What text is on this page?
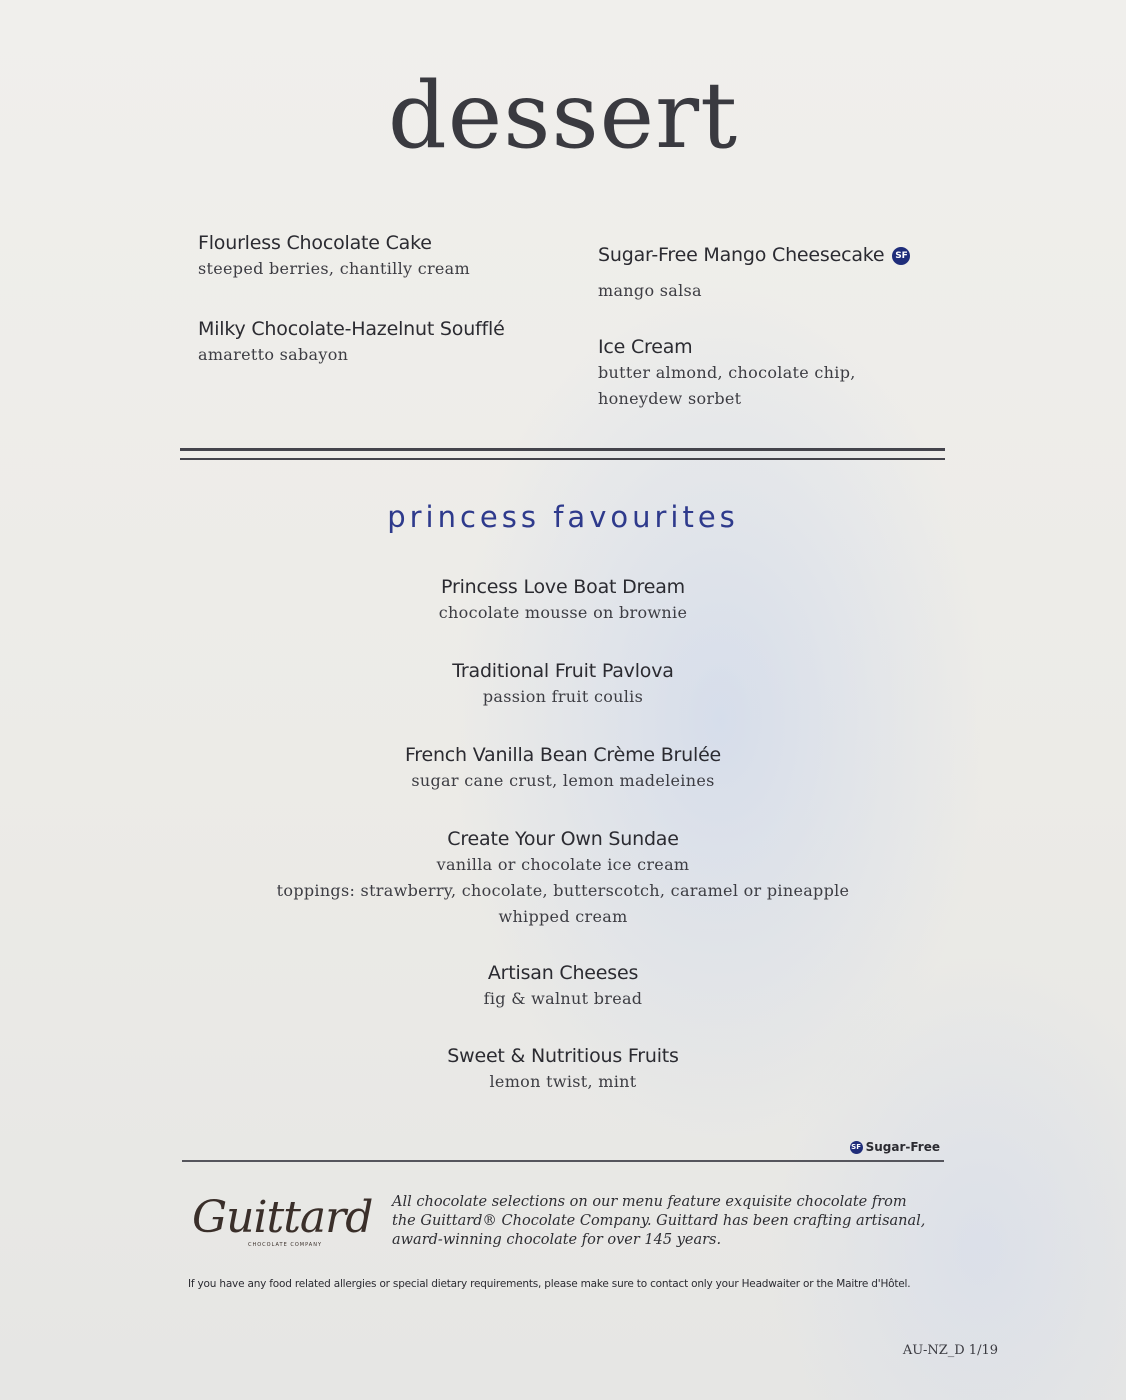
dessert
Flourless Chocolate Cake
steeped berries, chantilly cream
Milky Chocolate-Hazelnut Soufflé
amaretto sabayon
Sugar-Free Mango Cheesecake SF
mango salsa
Ice Cream
butter almond, chocolate chip,
honeydew sorbet
princess favourites
Princess Love Boat Dream
chocolate mousse on brownie
Traditional Fruit Pavlova
passion fruit coulis
French Vanilla Bean Crème Brulée
sugar cane crust, lemon madeleines
Create Your Own Sundae
vanilla or chocolate ice cream
toppings: strawberry, chocolate, butterscotch, caramel or pineapple
whipped cream
Artisan Cheeses
fig & walnut bread
Sweet & Nutritious Fruits
lemon twist, mint
SF Sugar-Free
Guittard
CHOCOLATE COMPANY
All chocolate selections on our menu feature exquisite chocolate from
the Guittard® Chocolate Company. Guittard has been crafting artisanal,
award-winning chocolate for over 145 years.
If you have any food related allergies or special dietary requirements, please make sure to contact only your Headwaiter or the Maitre d'Hôtel.
AU-NZ_D 1/19
